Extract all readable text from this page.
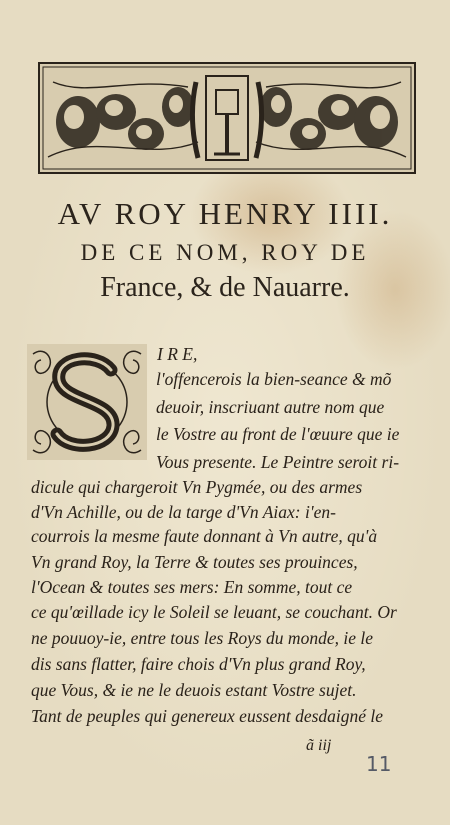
AV ROY HENRY IIII.
DE CE NOM, ROY DE
France, & de Nauarre.
I R E,
l'offencerois la bien-seance & mõ
deuoir, inscriuant autre nom que
le Vostre au front de l'œuure que ie
Vous presente. Le Peintre seroit ri-
dicule qui chargeroit Vn Pygmée, ou des armes
d'Vn Achille, ou de la targe d'Vn Aiax: i'en-
courrois la mesme faute donnant à Vn autre, qu'à
Vn grand Roy, la Terre & toutes ses prouinces,
l'Ocean & toutes ses mers: En somme, tout ce
ce qu'œillade icy le Soleil se leuant, se couchant. Or
ne pouuoy-ie, entre tous les Roys du monde, ie le
dis sans flatter, faire chois d'Vn plus grand Roy,
que Vous, & ie ne le deuois estant Vostre sujet.
Tant de peuples qui genereux eussent desdaigné le
ã iij
11
